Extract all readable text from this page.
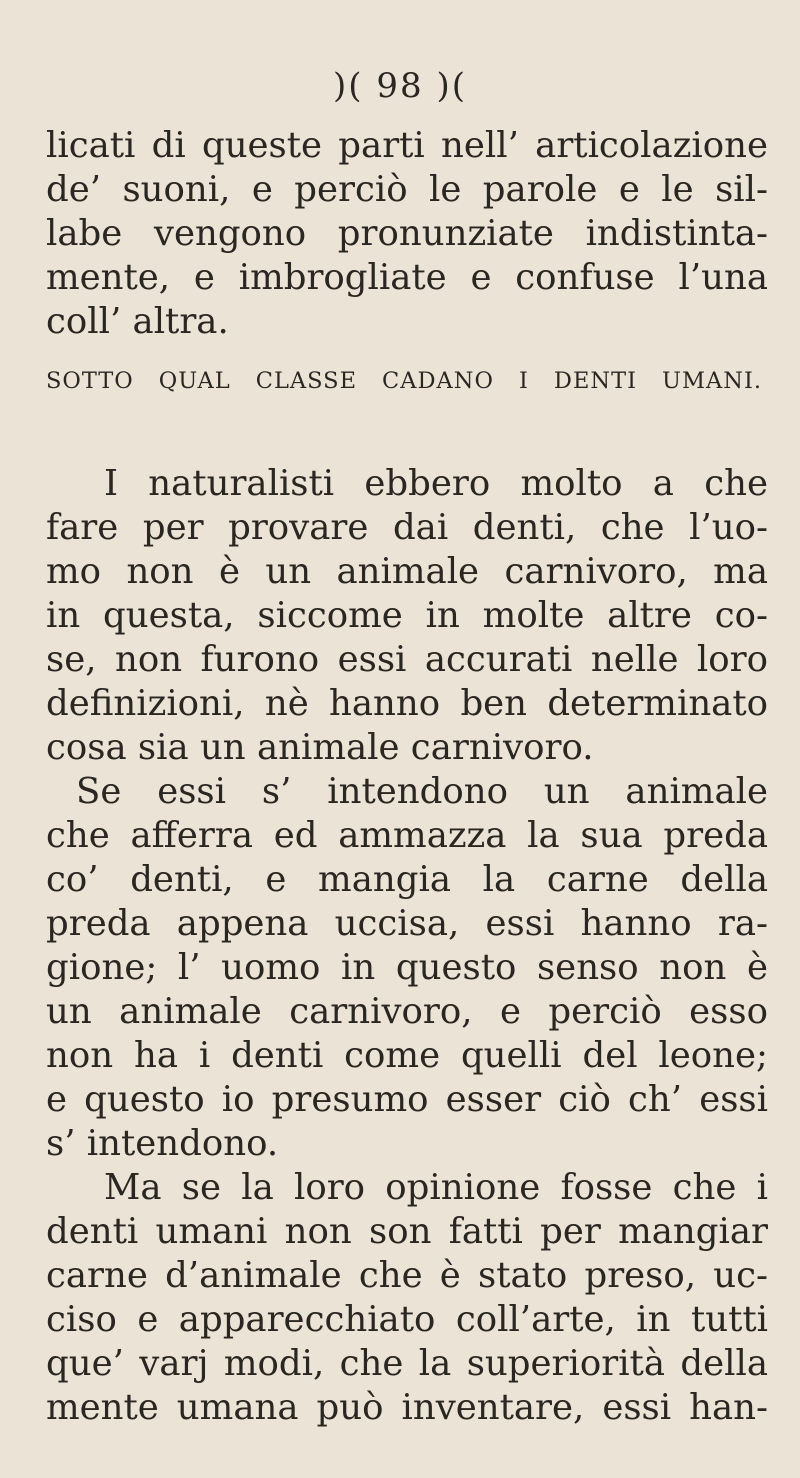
)( 98 )(
licati di queste parti nell’ articolazione
de’ suoni, e perciò le parole e le sil-
labe vengono pronunziate indistinta-
mente, e imbrogliate e confuse l’una
coll’ altra.
SOTTO QUAL CLASSE CADANO I DENTI UMANI.
I naturalisti ebbero molto a che
fare per provare dai denti, che l’uo-
mo non è un animale carnivoro, ma
in questa, siccome in molte altre co-
se, non furono essi accurati nelle loro
definizioni, nè hanno ben determinato
cosa sia un animale carnivoro.
Se essi s’ intendono un animale
che afferra ed ammazza la sua preda
co’ denti, e mangia la carne della
preda appena uccisa, essi hanno ra-
gione; l’ uomo in questo senso non è
un animale carnivoro, e perciò esso
non ha i denti come quelli del leone;
e questo io presumo esser ciò ch’ essi
s’ intendono.
Ma se la loro opinione fosse che i
denti umani non son fatti per mangiar
carne d’animale che è stato preso, uc-
ciso e apparecchiato coll’arte, in tutti
que’ varj modi, che la superiorità della
mente umana può inventare, essi han-
